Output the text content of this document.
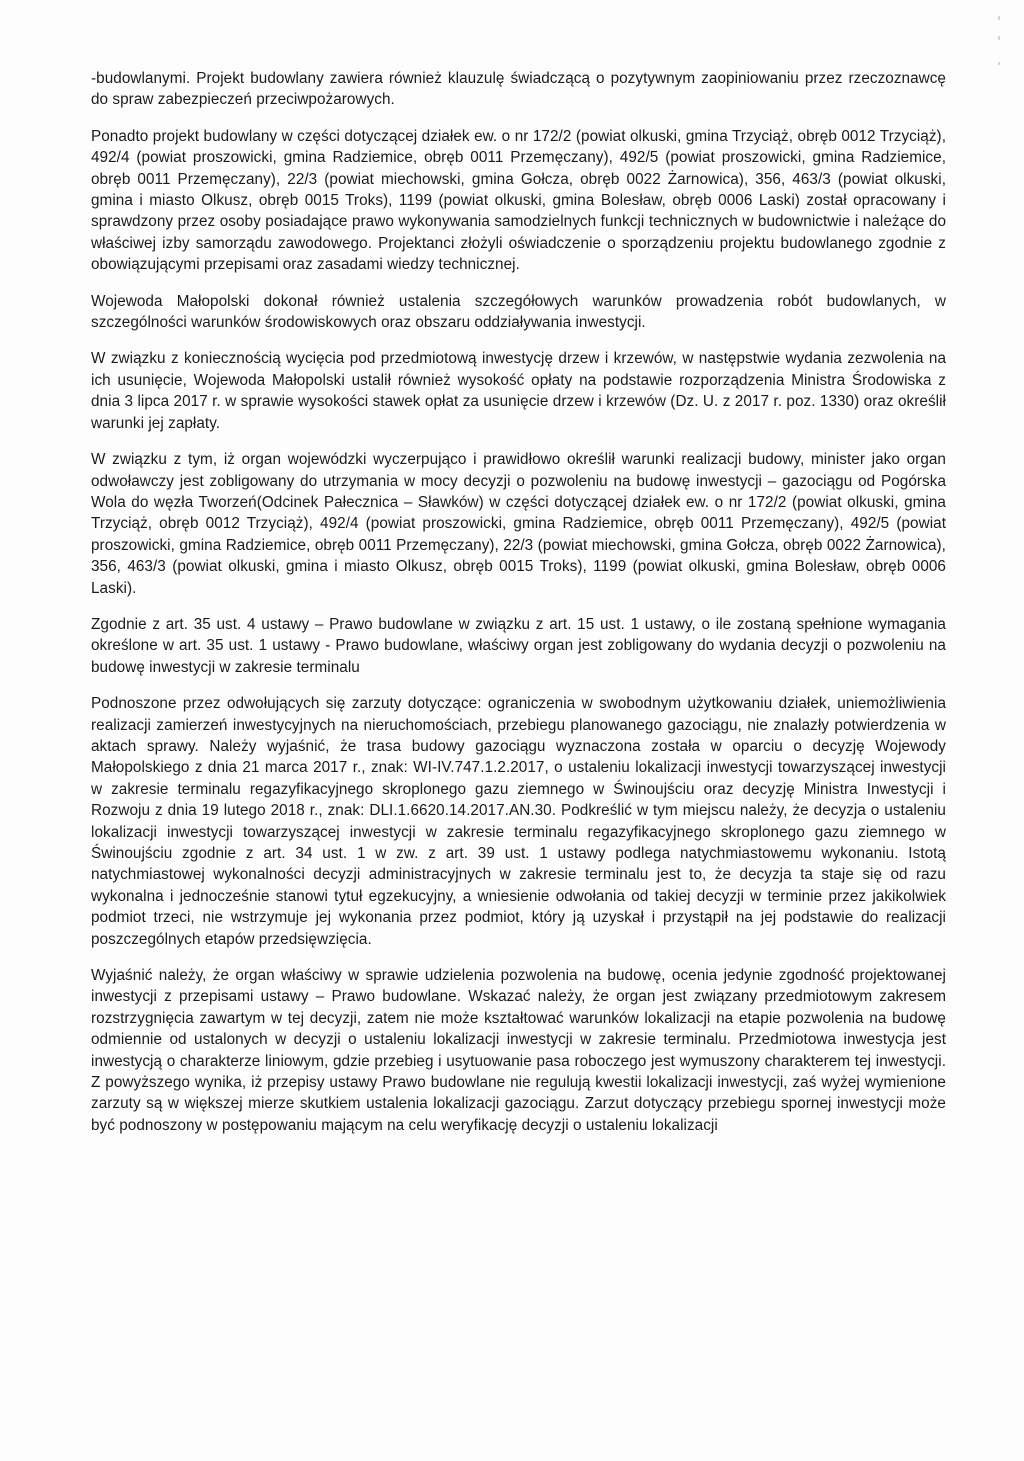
-budowlanymi. Projekt budowlany zawiera również klauzulę świadczącą o pozytywnym zaopiniowaniu przez rzeczoznawcę do spraw zabezpieczeń przeciwpożarowych.

Ponadto projekt budowlany w części dotyczącej działek ew. o nr 172/2 (powiat olkuski, gmina Trzyciąż, obręb 0012 Trzyciąż), 492/4 (powiat proszowicki, gmina Radziemice, obręb 0011 Przemęczany), 492/5 (powiat proszowicki, gmina Radziemice, obręb 0011 Przemęczany), 22/3 (powiat miechowski, gmina Gołcza, obręb 0022 Żarnowica), 356, 463/3 (powiat olkuski, gmina i miasto Olkusz, obręb 0015 Troks), 1199 (powiat olkuski, gmina Bolesław, obręb 0006 Laski) został opracowany i sprawdzony przez osoby posiadające prawo wykonywania samodzielnych funkcji technicznych w budownictwie i należące do właściwej izby samorządu zawodowego. Projektanci złożyli oświadczenie o sporządzeniu projektu budowlanego zgodnie z obowiązującymi przepisami oraz zasadami wiedzy technicznej.

Wojewoda Małopolski dokonał również ustalenia szczegółowych warunków prowadzenia robót budowlanych, w szczególności warunków środowiskowych oraz obszaru oddziaływania inwestycji.

W związku z koniecznością wycięcia pod przedmiotową inwestycję drzew i krzewów, w następstwie wydania zezwolenia na ich usunięcie, Wojewoda Małopolski ustalił również wysokość opłaty na podstawie rozporządzenia Ministra Środowiska z dnia 3 lipca 2017 r. w sprawie wysokości stawek opłat za usunięcie drzew i krzewów (Dz. U. z 2017 r. poz. 1330) oraz określił warunki jej zapłaty.

W związku z tym, iż organ wojewódzki wyczerpująco i prawidłowo określił warunki realizacji budowy, minister jako organ odwoławczy jest zobligowany do utrzymania w mocy decyzji o pozwoleniu na budowę inwestycji – gazociągu od Pogórska Wola do węzła Tworzeń(Odcinek Pałecznica – Sławków) w części dotyczącej działek ew. o nr 172/2 (powiat olkuski, gmina Trzyciąż, obręb 0012 Trzyciąż), 492/4 (powiat proszowicki, gmina Radziemice, obręb 0011 Przemęczany), 492/5 (powiat proszowicki, gmina Radziemice, obręb 0011 Przemęczany), 22/3 (powiat miechowski, gmina Gołcza, obręb 0022 Żarnowica), 356, 463/3 (powiat olkuski, gmina i miasto Olkusz, obręb 0015 Troks), 1199 (powiat olkuski, gmina Bolesław, obręb 0006 Laski).

Zgodnie z art. 35 ust. 4 ustawy – Prawo budowlane w związku z art. 15 ust. 1 ustawy, o ile zostaną spełnione wymagania określone w art. 35 ust. 1 ustawy - Prawo budowlane, właściwy organ jest zobligowany do wydania decyzji o pozwoleniu na budowę inwestycji w zakresie terminalu

Podnoszone przez odwołujących się zarzuty dotyczące: ograniczenia w swobodnym użytkowaniu działek, uniemożliwienia realizacji zamierzeń inwestycyjnych na nieruchomościach, przebiegu planowanego gazociągu, nie znalazły potwierdzenia w aktach sprawy. Należy wyjaśnić, że trasa budowy gazociągu wyznaczona została w oparciu o decyzję Wojewody Małopolskiego z dnia 21 marca 2017 r., znak: WI-IV.747.1.2.2017, o ustaleniu lokalizacji inwestycji towarzyszącej inwestycji w zakresie terminalu regazyfikacyjnego skroplonego gazu ziemnego w Świnoujściu oraz decyzję Ministra Inwestycji i Rozwoju z dnia 19 lutego 2018 r., znak: DLI.1.6620.14.2017.AN.30. Podkreślić w tym miejscu należy, że decyzja o ustaleniu lokalizacji inwestycji towarzyszącej inwestycji w zakresie terminalu regazyfikacyjnego skroplonego gazu ziemnego w Świnoujściu zgodnie z art. 34 ust. 1 w zw. z art. 39 ust. 1 ustawy podlega natychmiastowemu wykonaniu. Istotą natychmiastowej wykonalności decyzji administracyjnych w zakresie terminalu jest to, że decyzja ta staje się od razu wykonalna i jednocześnie stanowi tytuł egzekucyjny, a wniesienie odwołania od takiej decyzji w terminie przez jakikolwiek podmiot trzeci, nie wstrzymuje jej wykonania przez podmiot, który ją uzyskał i przystąpił na jej podstawie do realizacji poszczególnych etapów przedsięwzięcia.

Wyjaśnić należy, że organ właściwy w sprawie udzielenia pozwolenia na budowę, ocenia jedynie zgodność projektowanej inwestycji z przepisami ustawy – Prawo budowlane. Wskazać należy, że organ jest związany przedmiotowym zakresem rozstrzygnięcia zawartym w tej decyzji, zatem nie może kształtować warunków lokalizacji na etapie pozwolenia na budowę odmiennie od ustalonych w decyzji o ustaleniu lokalizacji inwestycji w zakresie terminalu. Przedmiotowa inwestycja jest inwestycją o charakterze liniowym, gdzie przebieg i usytuowanie pasa roboczego jest wymuszony charakterem tej inwestycji. Z powyższego wynika, iż przepisy ustawy Prawo budowlane nie regulują kwestii lokalizacji inwestycji, zaś wyżej wymienione zarzuty są w większej mierze skutkiem ustalenia lokalizacji gazociągu. Zarzut dotyczący przebiegu spornej inwestycji może być podnoszony w postępowaniu mającym na celu weryfikację decyzji o ustaleniu lokalizacji
